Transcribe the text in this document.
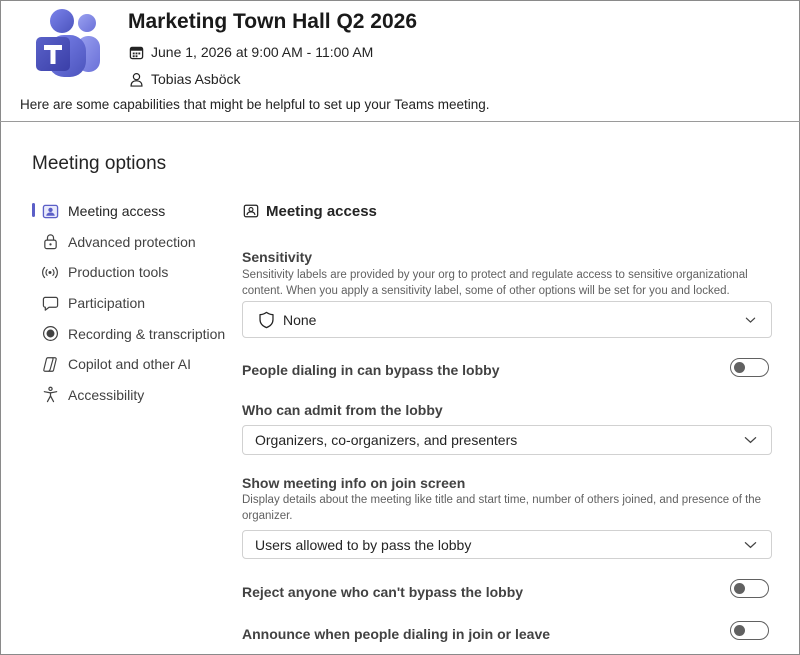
Marketing Town Hall Q2 2026
June 1, 2026 at 9:00 AM - 11:00 AM
Tobias Asböck
Here are some capabilities that might be helpful to set up your Teams meeting.
Meeting options
Meeting access
Advanced protection
Production tools
Participation
Recording & transcription
Copilot and other AI
Accessibility
Meeting access
Sensitivity
Sensitivity labels are provided by your org to protect and regulate access to sensitive organizational content. When you apply a sensitivity label, some of other options will be set for you and locked.
None
People dialing in can bypass the lobby
Who can admit from the lobby
Organizers, co-organizers, and presenters
Show meeting info on join screen
Display details about the meeting like title and start time, number of others joined, and presence of the organizer.
Users allowed to by pass the lobby
Reject anyone who can't bypass the lobby
Announce when people dialing in join or leave
